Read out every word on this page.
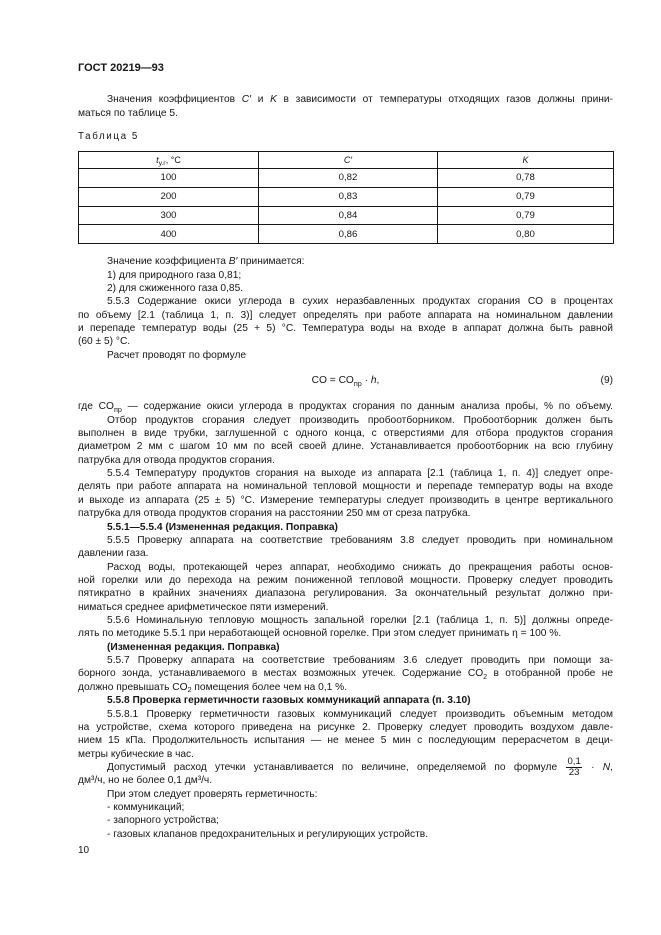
ГОСТ 20219—93
Значения коэффициентов C′ и K в зависимости от температуры отходящих газов должны прини-
маться по таблице 5.
Таблица 5
$t_{у.г}$, °C	C′	K
100	0,82	0,78
200	0,83	0,79
300	0,84	0,79
400	0,86	0,80
Значение коэффициента B′ принимается:
1) для природного газа 0,81;
2) для сжиженного газа 0,85.
5.5.3 Содержание окиси углерода в сухих неразбавленных продуктах сгорания CO в процентах
по объему [2.1 (таблица 1, п. 3)] следует определять при работе аппарата на номинальном давлении
и перепаде температур воды (25 + 5) °C. Температура воды на входе в аппарат должна быть равной
(60 ± 5) °C.
Расчет проводят по формуле
CO = $CO_{пр} \cdot h$,	(9)
где $CO_{пр}$ — содержание окиси углерода в продуктах сгорания по данным анализа пробы, % по объему.
Отбор продуктов сгорания следует производить пробоотборником. Пробоотборник должен быть
выполнен в виде трубки, заглушенной с одного конца, с отверстиями для отбора продуктов сгорания
диаметром 2 мм с шагом 10 мм по всей своей длине. Устанавливается пробоотборник на всю глубину
патрубка для отвода продуктов сгорания.
5.5.4 Температуру продуктов сгорания на выходе из аппарата [2.1 (таблица 1, п. 4)] следует опре-
делять при работе аппарата на номинальной тепловой мощности и перепаде температур воды на входе
и выходе из аппарата (25 ± 5) °C. Измерение температуры следует производить в центре вертикального
патрубка для отвода продуктов сгорания на расстоянии 250 мм от среза патрубка.
5.5.1—5.5.4 (Измененная редакция. Поправка)
5.5.5 Проверку аппарата на соответствие требованиям 3.8 следует проводить при номинальном
давлении газа.
Расход воды, протекающей через аппарат, необходимо снижать до прекращения работы основ-
ной горелки или до перехода на режим пониженной тепловой мощности. Проверку следует проводить
пятикратно в крайних значениях диапазона регулирования. За окончательный результат должно при-
ниматься среднее арифметическое пяти измерений.
5.5.6 Номинальную тепловую мощность запальной горелки [2.1 (таблица 1, п. 5)] должны опреде-
лять по методике 5.5.1 при неработающей основной горелке. При этом следует принимать η = 100 %.
(Измененная редакция. Поправка)
5.5.7 Проверку аппарата на соответствие требованиям 3.6 следует проводить при помощи за-
борного зонда, устанавливаемого в местах возможных утечек. Содержание $CO_2$ в отобранной пробе не
должно превышать $CO_2$ помещения более чем на 0,1 %.
5.5.8 Проверка герметичности газовых коммуникаций аппарата (п. 3.10)
5.5.8.1 Проверку герметичности газовых коммуникаций следует производить объемным методом
на устройстве, схема которого приведена на рисунке 2. Проверку следует проводить воздухом давле-
нием 15 кПа. Продолжительность испытания — не менее 5 мин с последующим перерасчетом в деци-
метры кубические в час.
Допустимый расход утечки устанавливается по величине, определяемой по формуле $\frac{0,1}{23} \cdot N$,
дм³/ч, но не более 0,1 дм³/ч.
При этом следует проверять герметичность:
- коммуникаций;
- запорного устройства;
- газовых клапанов предохранительных и регулирующих устройств.
10
